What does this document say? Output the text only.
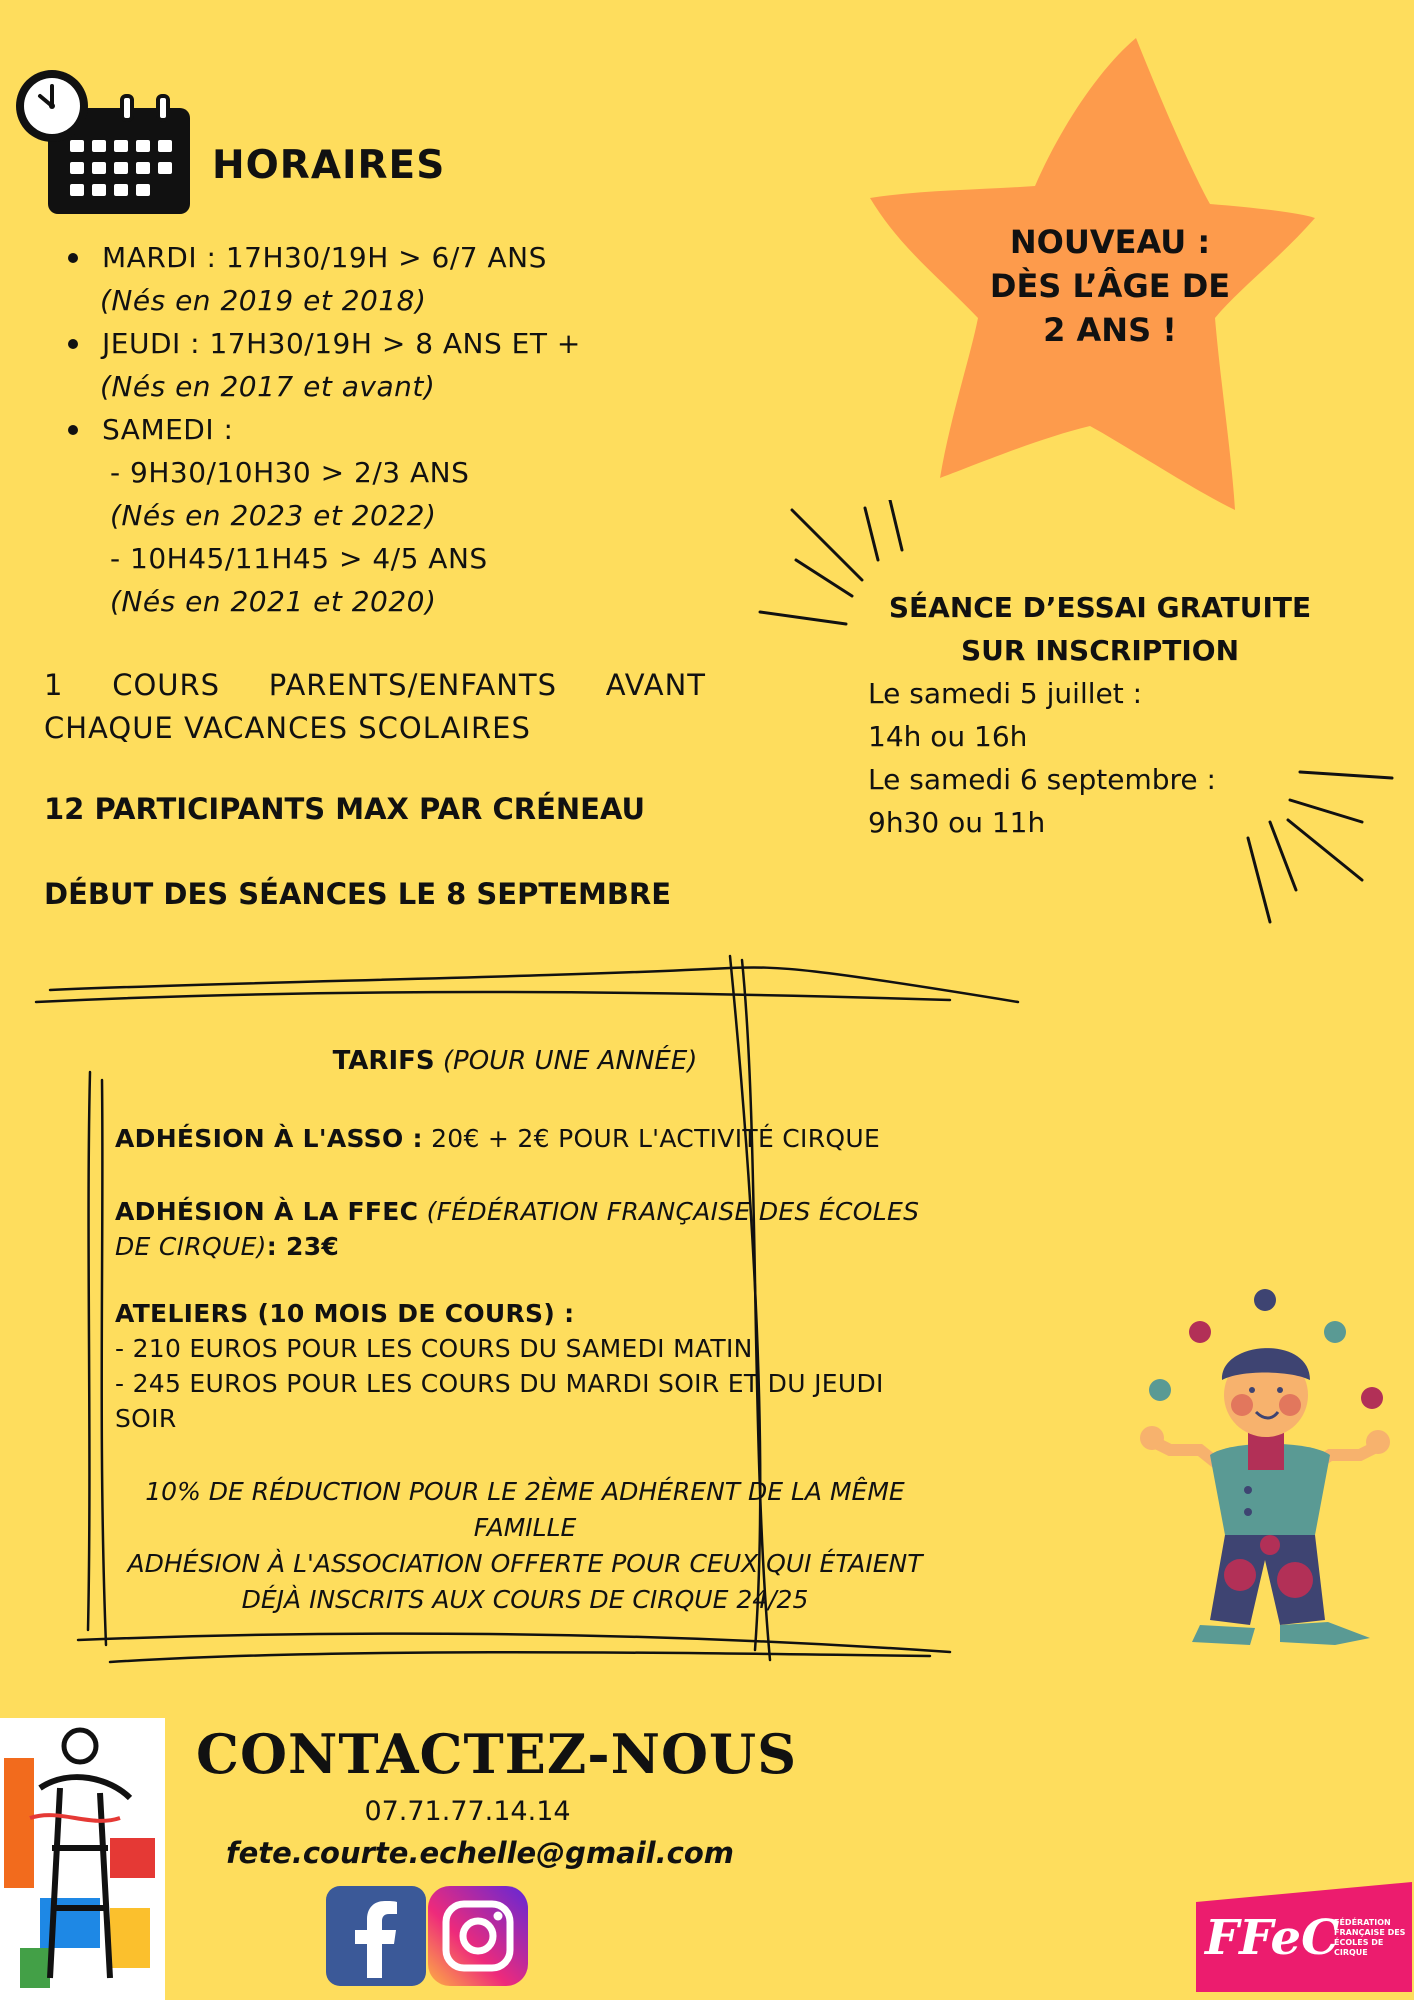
HORAIRES
MARDI : 17H30/19H > 6/7 ANS
(Nés en 2019 et 2018)
JEUDI : 17H30/19H > 8 ANS ET +
(Nés en 2017 et avant)
SAMEDI :
- 9H30/10H30 > 2/3 ANS
(Nés en 2023 et 2022)
- 10H45/11H45 > 4/5 ANS
(Nés en 2021 et 2020)
NOUVEAU :
DÈS L’ÂGE DE
2 ANS !
SÉANCE D’ESSAI GRATUITE
SUR INSCRIPTION
Le samedi 5 juillet :
14h ou 16h
Le samedi 6 septembre :
9h30 ou 11h
1 COURS PARENTS/ENFANTS AVANT CHAQUE VACANCES SCOLAIRES
12 PARTICIPANTS MAX PAR CRÉNEAU
DÉBUT DES SÉANCES LE 8 SEPTEMBRE
TARIFS (POUR UNE ANNÉE)
ADHÉSION À L'ASSO : 20€ + 2€ POUR L'ACTIVITÉ CIRQUE
ADHÉSION À LA FFEC (FÉDÉRATION FRANÇAISE DES ÉCOLES DE CIRQUE): 23€
ATELIERS (10 MOIS DE COURS) :
- 210 EUROS POUR LES COURS DU SAMEDI MATIN
- 245 EUROS POUR LES COURS DU MARDI SOIR ET DU JEUDI SOIR
10% DE RÉDUCTION POUR LE 2ÈME ADHÉRENT DE LA MÊME FAMILLE
ADHÉSION À L'ASSOCIATION OFFERTE POUR CEUX QUI ÉTAIENT DÉJÀ INSCRITS AUX COURS DE CIRQUE 24/25
CONTACTEZ-NOUS
07.71.77.14.14
fete.courte.echelle@gmail.com
FFeC
FÉDÉRATION FRANÇAISE DES ÉCOLES DE CIRQUE
